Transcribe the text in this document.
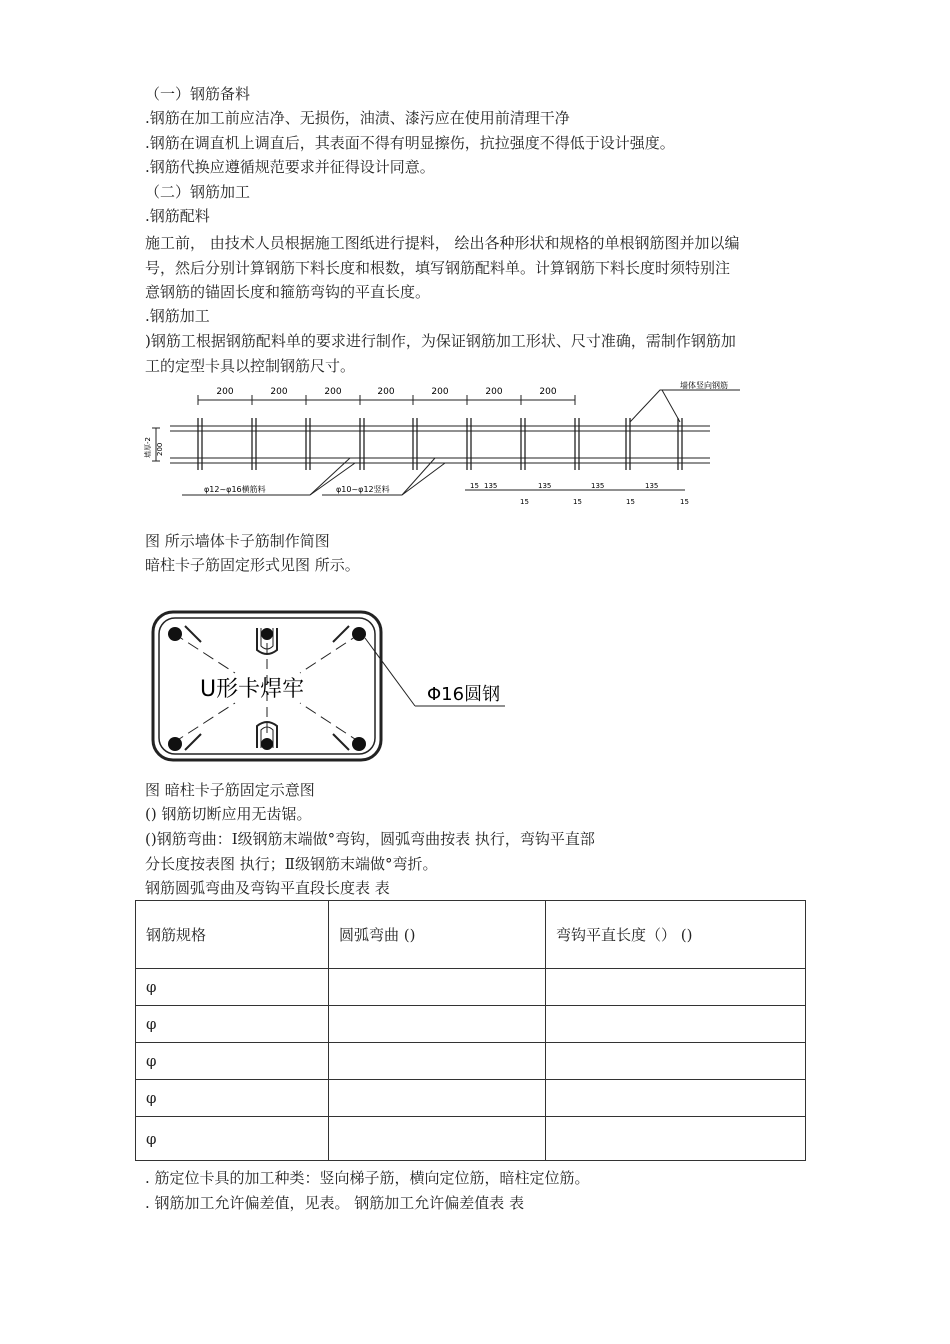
（一）钢筋备料
.钢筋在加工前应洁净、无损伤，油渍、漆污应在使用前清理干净
.钢筋在调直机上调直后，其表面不得有明显擦伤，抗拉强度不得低于设计强度。
.钢筋代换应遵循规范要求并征得设计同意。
（二）钢筋加工
.钢筋配料
施工前， 由技术人员根据施工图纸进行提料， 绘出各种形状和规格的单根钢筋图并加以编
号，然后分别计算钢筋下料长度和根数，填写钢筋配料单。计算钢筋下料长度时须特别注
意钢筋的锚固长度和箍筋弯钩的平直长度。
.钢筋加工
)钢筋工根据钢筋配料单的要求进行制作，为保证钢筋加工形状、尺寸准确，需制作钢筋加
工的定型卡具以控制钢筋尺寸。
200	200	200	200	200	200	200
墙体竖向钢筋
墙厚-2 200
φ12~φ16横筋料	φ10~φ12竖料	15 135	135	135	135
15	15	15	15
图 所示墙体卡子筋制作简图
暗柱卡子筋固定形式见图 所示。
U形卡焊牢	Φ16圆钢
图 暗柱卡子筋固定示意图
() 钢筋切断应用无齿锯。
()钢筋弯曲：Ⅰ级钢筋末端做°弯钩，圆弧弯曲按表 执行，弯钩平直部
分长度按表图 执行；Ⅱ级钢筋末端做°弯折。
钢筋圆弧弯曲及弯钩平直段长度表 表
钢筋规格	圆弧弯曲 ()	弯钩平直长度（） ()
φ		
φ		
φ		
φ		
φ		
. 筋定位卡具的加工种类：竖向梯子筋，横向定位筋，暗柱定位筋。
. 钢筋加工允许偏差值，见表。 钢筋加工允许偏差值表 表
